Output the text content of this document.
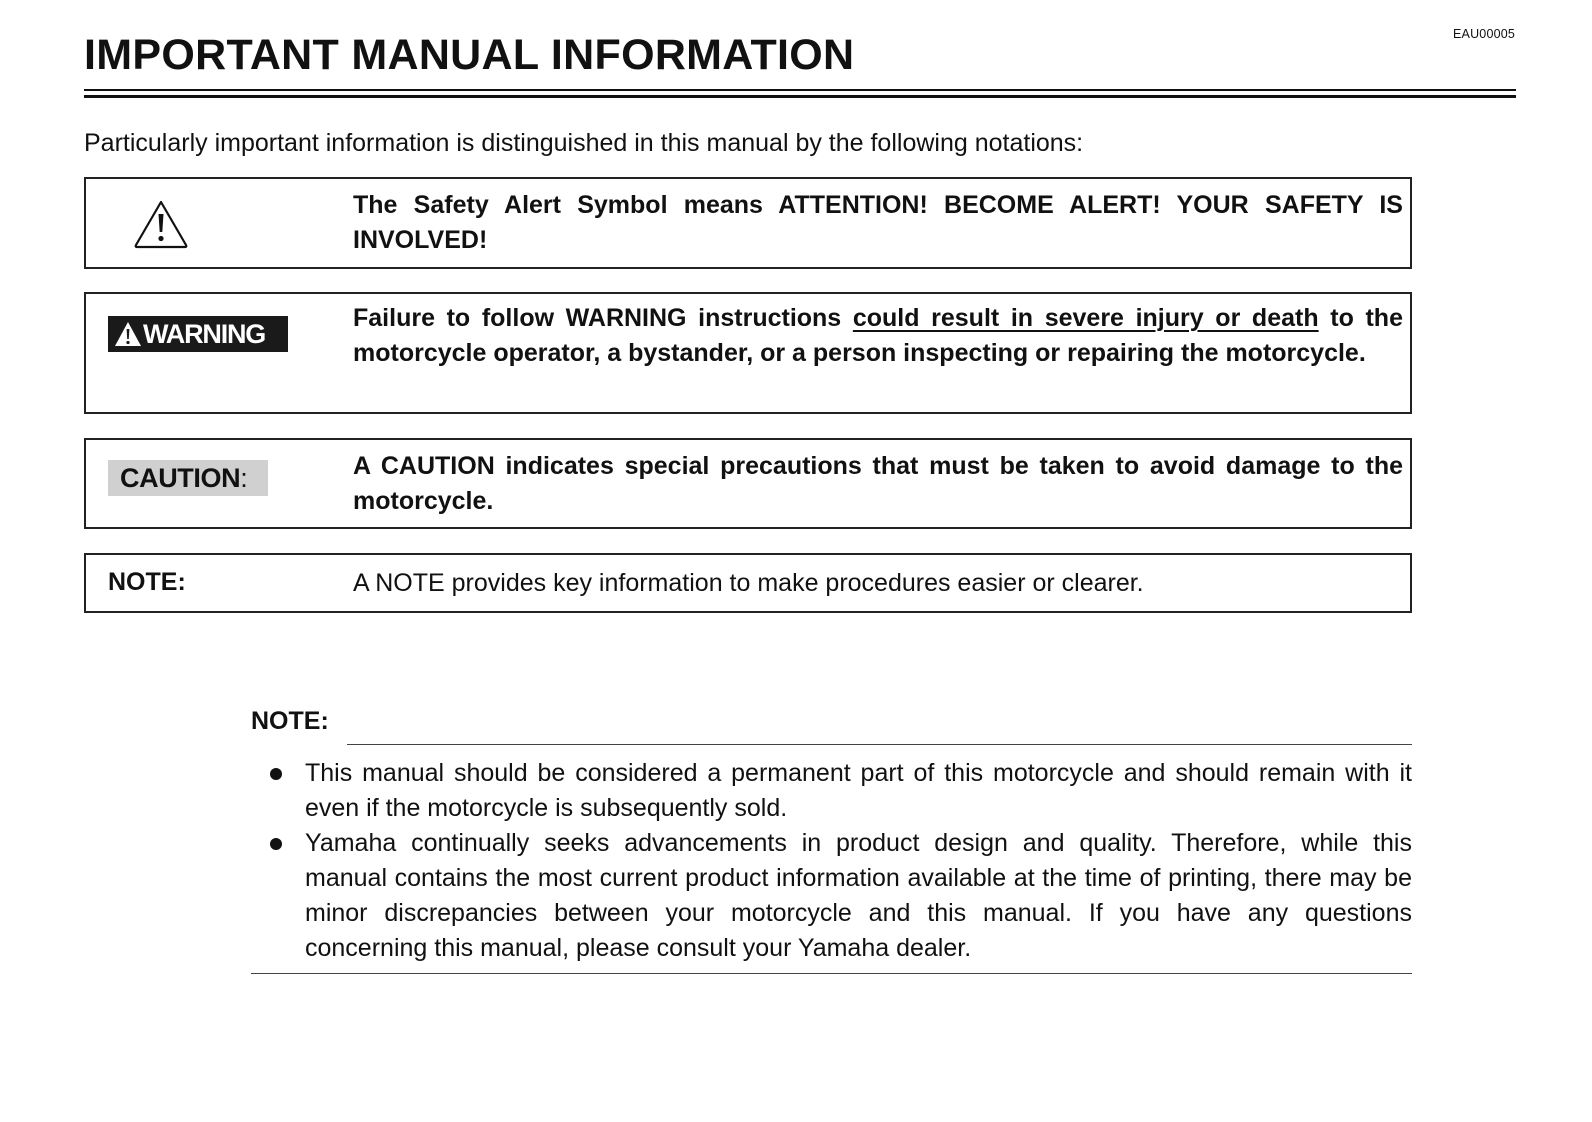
EAU00005
IMPORTANT MANUAL INFORMATION
Particularly important information is distinguished in this manual by the following notations:
The Safety Alert Symbol means ATTENTION! BECOME ALERT! YOUR SAFETY IS INVOLVED!
WARNING
Failure to follow WARNING instructions could result in severe injury or death to the motorcycle operator, a bystander, or a person inspecting or repairing the motorcycle.
CAUTION:	A CAUTION indicates special precautions that must be taken to avoid damage to the motorcycle.
NOTE:	A NOTE provides key information to make procedures easier or clearer.
NOTE:
This manual should be considered a permanent part of this motorcycle and should remain with it even if the motorcycle is subsequently sold.
Yamaha continually seeks advancements in product design and quality. Therefore, while this manual contains the most current product information available at the time of printing, there may be minor discrepancies between your motorcycle and this manual. If you have any questions concerning this manual, please consult your Yamaha dealer.
